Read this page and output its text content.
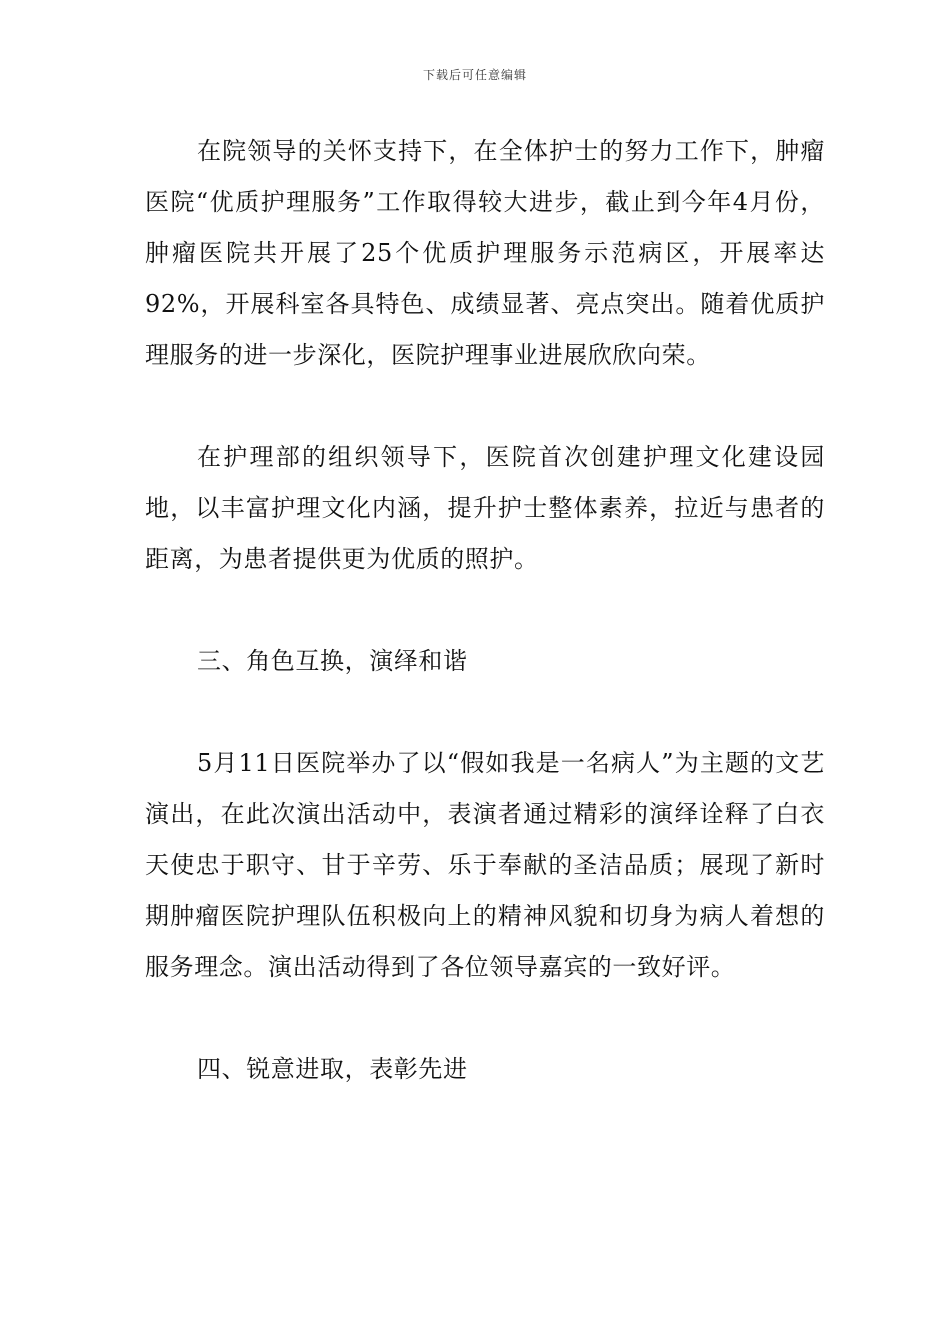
下载后可任意编辑

在院领导的关怀支持下，在全体护士的努力工作下，肿瘤医院“优质护理服务”工作取得较大进步，截止到今年4月份，肿瘤医院共开展了25个优质护理服务示范病区，开展率达92%，开展科室各具特色、成绩显著、亮点突出。随着优质护理服务的进一步深化，医院护理事业进展欣欣向荣。

在护理部的组织领导下，医院首次创建护理文化建设园地，以丰富护理文化内涵，提升护士整体素养，拉近与患者的距离，为患者提供更为优质的照护。

三、角色互换，演绎和谐

5月11日医院举办了以“假如我是一名病人”为主题的文艺演出，在此次演出活动中，表演者通过精彩的演绎诠释了白衣天使忠于职守、甘于辛劳、乐于奉献的圣洁品质；展现了新时期肿瘤医院护理队伍积极向上的精神风貌和切身为病人着想的服务理念。演出活动得到了各位领导嘉宾的一致好评。

四、锐意进取，表彰先进
